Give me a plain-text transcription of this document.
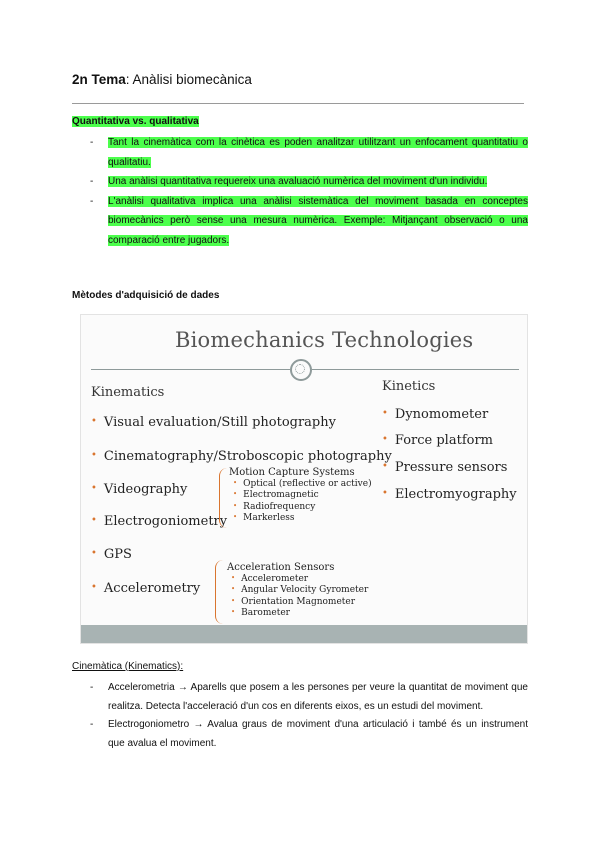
2n Tema: Anàlisi biomecànica
Quantitativa vs. qualitativa

- Tant la cinemàtica com la cinètica es poden analitzar utilitzant un enfocament quantitatiu o qualitatiu.

- Una anàlisi quantitativa requereix una avaluació numèrica del moviment d'un individu.

- L'anàlisi qualitativa implica una anàlisi sistemàtica del moviment basada en conceptes biomecànics però sense una mesura numèrica. Exemple: Mitjançant observació o una comparació entre jugadors.

Mètodes d'adquisició de dades
Biomechanics Technologies
Kinematics
• Visual evaluation/Still photography
• Cinematography/Stroboscopic photography
• Videography
• Electrogoniometry
• GPS
• Accelerometry
Motion Capture Systems
• Optical (reflective or active)
• Electromagnetic
• Radiofrequency
• Markerless
Acceleration Sensors
• Accelerometer
• Angular Velocity Gyrometer
• Orientation Magnometer
• Barometer
Kinetics
• Dynomometer
• Force platform
• Pressure sensors
• Electromyography
Cinemàtica (Kinematics):

- Accelerometria → Aparells que posem a les persones per veure la quantitat de moviment que realitza. Detecta l'acceleració d'un cos en diferents eixos, es un estudi del moviment.

- Electrogoniometro → Avalua graus de moviment d'una articulació i també és un instrument que avalua el moviment.
